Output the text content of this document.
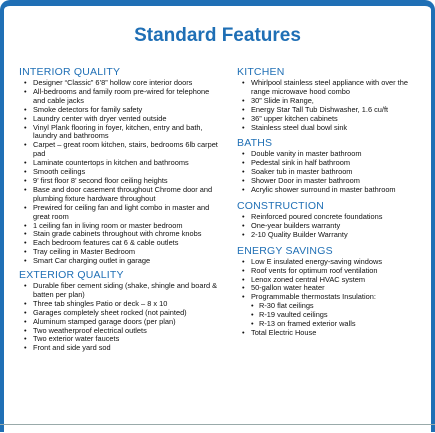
Standard Features
INTERIOR QUALITY
• Designer “Classic” 6’8” hollow core interior doors
• All-bedrooms and family room pre-wired for telephone and cable jacks
• Smoke detectors for family safety
• Laundry center with dryer vented outside
• Vinyl Plank flooring in foyer, kitchen, entry and bath, laundry and bathrooms
• Carpet – great room kitchen, stairs, bedrooms 6lb carpet pad
• Laminate countertops in kitchen and bathrooms
• Smooth ceilings
• 9’ first floor 8’ second floor ceiling heights
• Base and door casement throughout Chrome door and plumbing fixture hardware throughout
• Prewired for ceiling fan and light combo in master and great room
• 1 ceiling fan in living room or master bedroom
• Stain grade cabinets throughout with chrome knobs
• Each bedroom features cat 6 & cable outlets
• Tray ceiling in Master Bedroom
• Smart Car charging outlet in garage
EXTERIOR QUALITY
• Durable fiber cement siding (shake, shingle and board & batten per plan)
• Three tab shingles Patio or deck – 8 x 10
• Garages completely sheet rocked (not painted)
• Aluminum stamped garage doors (per plan)
• Two weatherproof electrical outlets
• Two exterior water faucets
• Front and side yard sod
KITCHEN
• Whirlpool stainless steel appliance with over the range microwave hood combo
• 30” Slide in Range,
• Energy Star Tall Tub Dishwasher, 1.6 cu/ft
• 36” upper kitchen cabinets
• Stainless steel dual bowl sink
BATHS
• Double vanity in master bathroom
• Pedestal sink in half bathroom
• Soaker tub in master bathroom
• Shower Door in master bathroom
• Acrylic shower surround in master bathroom
CONSTRUCTION
• Reinforced poured concrete foundations
• One-year builders warranty
• 2-10 Quality Builder Warranty
ENERGY SAVINGS
• Low E insulated energy-saving windows
• Roof vents for optimum roof ventilation
• Lenox zoned central HVAC system
• 50-gallon water heater
• Programmable thermostats Insulation:
• R-30 flat ceilings
• R-19 vaulted ceilings
• R-13 on framed exterior walls
• Total Electric House
